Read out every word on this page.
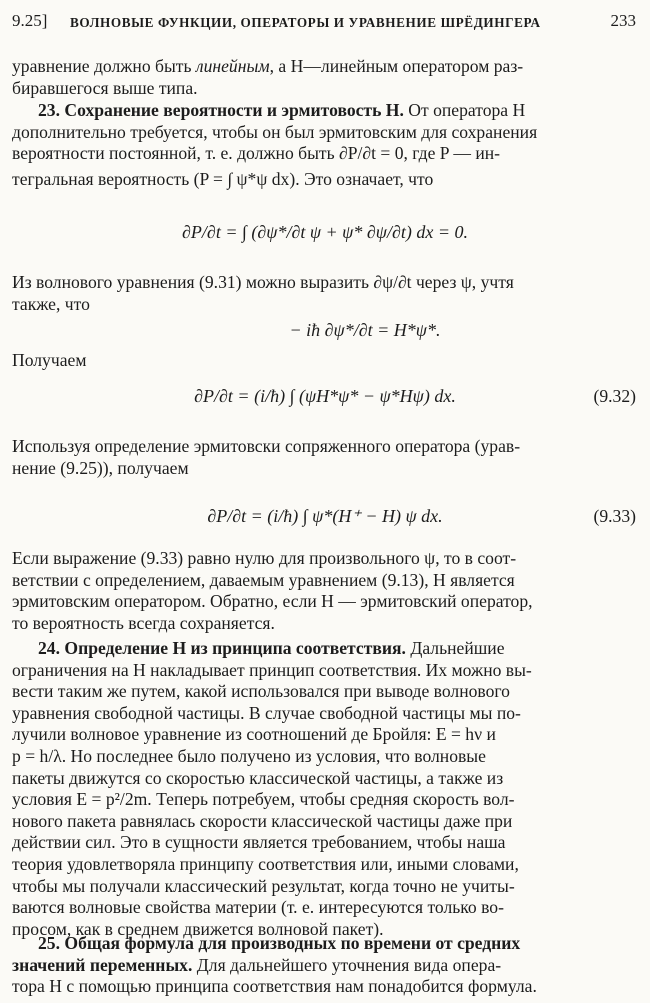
9.25] ВОЛНОВЫЕ ФУНКЦИИ, ОПЕРАТОРЫ И УРАВНЕНИЕ ШРЁДИНГЕРА	233
уравнение должно быть линейным, а H—линейным оператором раз-
биравшегося выше типа.
23. Сохранение вероятности и эрмитовость H. От оператора H
дополнительно требуется, чтобы он был эрмитовским для сохранения
вероятности постоянной, т. е. должно быть ∂P/∂t = 0, где P — ин-
тегральная вероятность (P = ∫ ψ*ψ dx). Это означает, что
∂P/∂t = ∫ (∂ψ*/∂t ψ + ψ* ∂ψ/∂t) dx = 0.
Из волнового уравнения (9.31) можно выразить ∂ψ/∂t через ψ, учтя
также, что
− iħ ∂ψ*/∂t = H*ψ*.
Получаем
∂P/∂t = (i/ħ) ∫ (ψH*ψ* − ψ*Hψ) dx.	(9.32)
Используя определение эрмитовски сопряженного оператора (урав-
нение (9.25)), получаем
∂P/∂t = (i/ħ) ∫ ψ*(H⁺ − H) ψ dx.	(9.33)
Если выражение (9.33) равно нулю для произвольного ψ, то в соот-
ветствии с определением, даваемым уравнением (9.13), H является
эрмитовским оператором. Обратно, если H — эрмитовский оператор,
то вероятность всегда сохраняется.
24. Определение H из принципа соответствия. Дальнейшие
ограничения на H накладывает принцип соответствия. Их можно вы-
вести таким же путем, какой использовался при выводе волнового
уравнения свободной частицы. В случае свободной частицы мы по-
лучили волновое уравнение из соотношений де Бройля: E = hν и
p = h/λ. Но последнее было получено из условия, что волновые
пакеты движутся со скоростью классической частицы, а также из
условия E = p²/2m. Теперь потребуем, чтобы средняя скорость вол-
нового пакета равнялась скорости классической частицы даже при
действии сил. Это в сущности является требованием, чтобы наша
теория удовлетворяла принципу соответствия или, иными словами,
чтобы мы получали классический результат, когда точно не учиты-
ваются волновые свойства материи (т. е. интересуются только во-
просом, как в среднем движется волновой пакет).
25. Общая формула для производных по времени от средних
значений переменных. Для дальнейшего уточнения вида опера-
тора H с помощью принципа соответствия нам понадобится формула.
